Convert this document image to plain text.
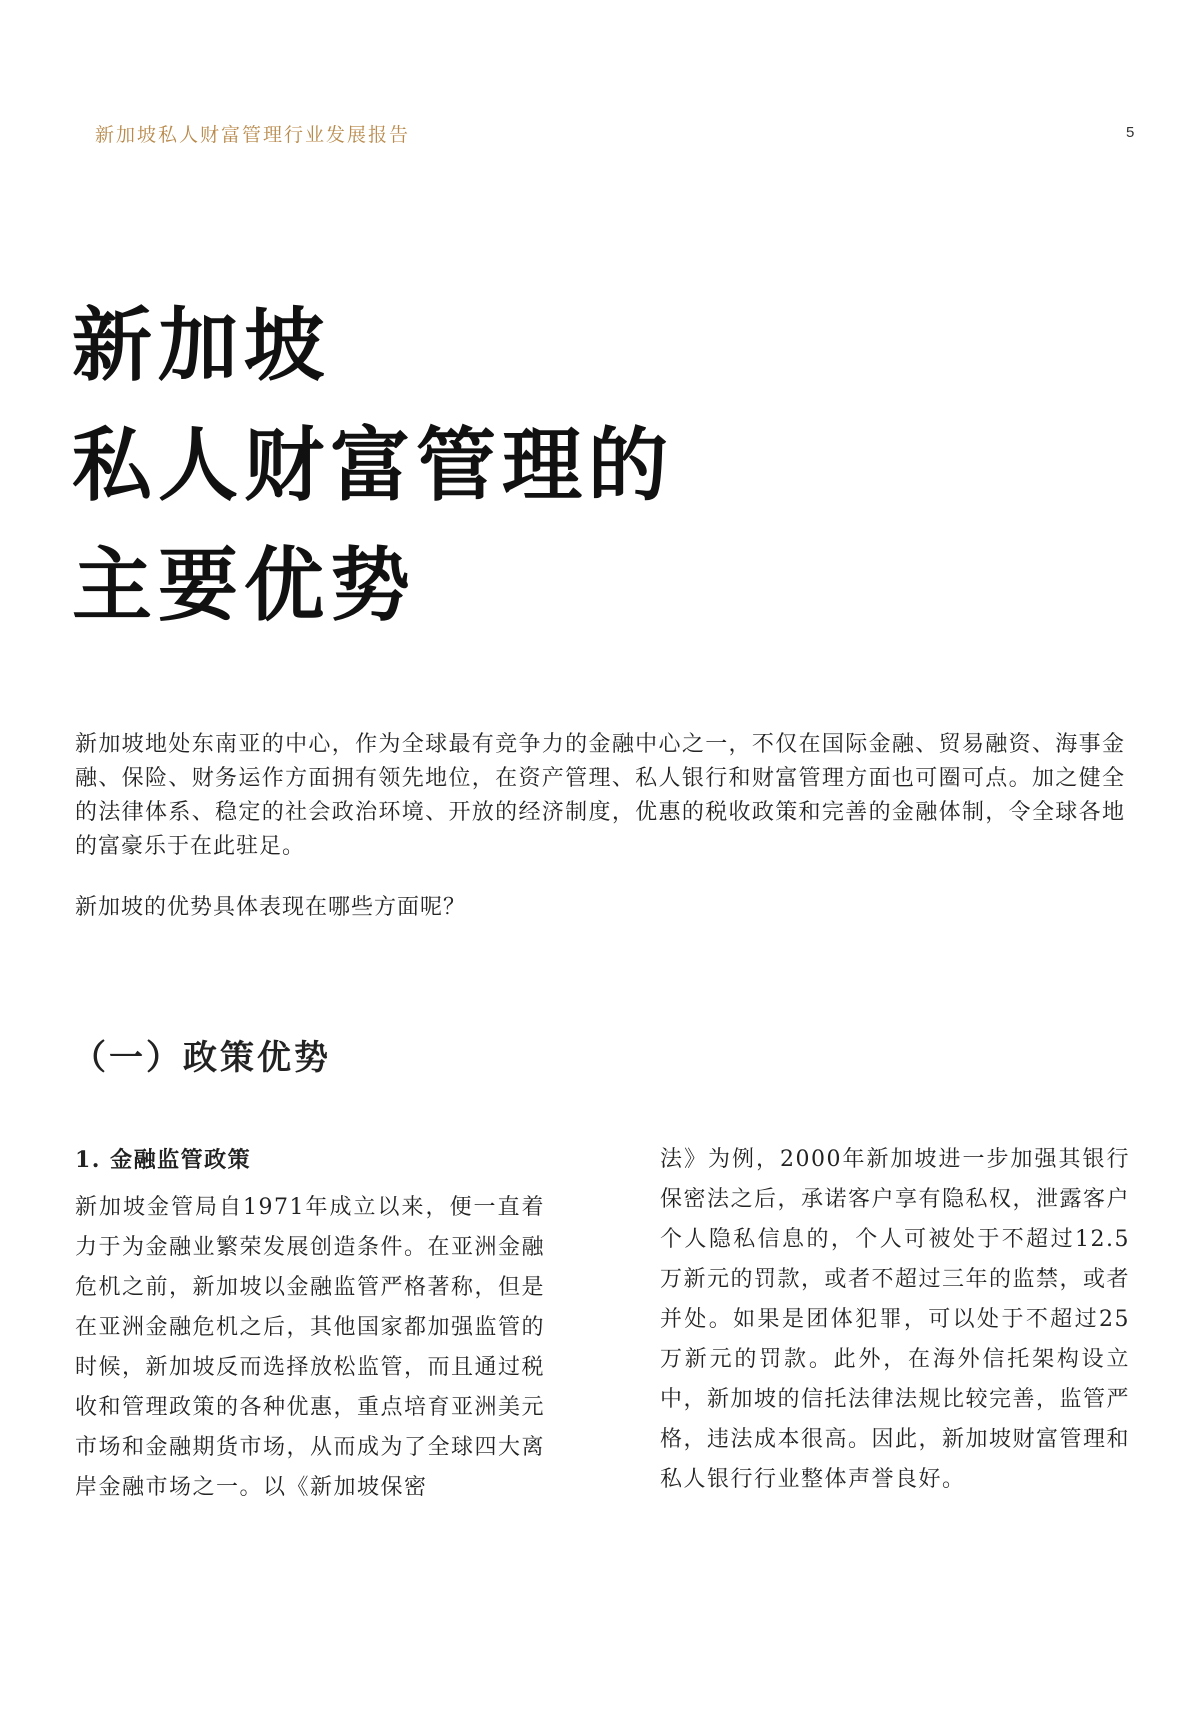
新加坡私人财富管理行业发展报告	5
新加坡
私人财富管理的
主要优势
新加坡地处东南亚的中心，作为全球最有竞争力的金融中心之一，不仅在国际金融、贸易融资、海事金融、保险、财务运作方面拥有领先地位，在资产管理、私人银行和财富管理方面也可圈可点。加之健全的法律体系、稳定的社会政治环境、开放的经济制度，优惠的税收政策和完善的金融体制，令全球各地的富豪乐于在此驻足。
新加坡的优势具体表现在哪些方面呢？
（一）政策优势
1. 金融监管政策
新加坡金管局自1971年成立以来，便一直着力于为金融业繁荣发展创造条件。在亚洲金融危机之前，新加坡以金融监管严格著称，但是在亚洲金融危机之后，其他国家都加强监管的时候，新加坡反而选择放松监管，而且通过税收和管理政策的各种优惠，重点培育亚洲美元市场和金融期货市场，从而成为了全球四大离岸金融市场之一。以《新加坡保密
法》为例，2000年新加坡进一步加强其银行保密法之后，承诺客户享有隐私权，泄露客户个人隐私信息的，个人可被处于不超过12.5万新元的罚款，或者不超过三年的监禁，或者并处。如果是团体犯罪，可以处于不超过25万新元的罚款。此外，在海外信托架构设立中，新加坡的信托法律法规比较完善，监管严格，违法成本很高。因此，新加坡财富管理和私人银行行业整体声誉良好。
